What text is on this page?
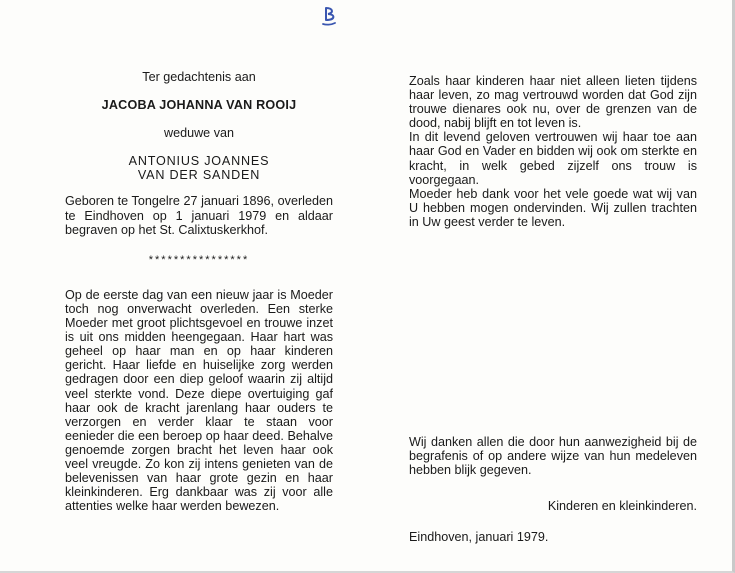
Ter gedachtenis aan
JACOBA JOHANNA VAN ROOIJ
weduwe van
ANTONIUS JOANNES
VAN DER SANDEN
Geboren te Tongelre 27 januari 1896, overleden te Eindhoven op 1 januari 1979 en aldaar begraven op het St. Calixtuskerkhof.
****************
Op de eerste dag van een nieuw jaar is Moeder toch nog onverwacht overleden. Een sterke Moeder met groot plichtsgevoel en trouwe inzet is uit ons midden heengegaan. Haar hart was geheel op haar man en op haar kinderen gericht. Haar liefde en huiselijke zorg werden gedragen door een diep geloof waarin zij altijd veel sterkte vond. Deze diepe overtuiging gaf haar ook de kracht jarenlang haar ouders te verzorgen en verder klaar te staan voor eenieder die een beroep op haar deed. Behalve genoemde zorgen bracht het leven haar ook veel vreugde. Zo kon zij intens genieten van de belevenissen van haar grote gezin en haar kleinkinderen. Erg dankbaar was zij voor alle attenties welke haar werden bewezen.
Zoals haar kinderen haar niet alleen lieten tijdens haar leven, zo mag vertrouwd worden dat God zijn trouwe dienares ook nu, over de grenzen van de dood, nabij blijft en tot leven is.
In dit levend geloven vertrouwen wij haar toe aan haar God en Vader en bidden wij ook om sterkte en kracht, in welk gebed zijzelf ons trouw is voorgegaan.
Moeder heb dank voor het vele goede wat wij van U hebben mogen ondervinden. Wij zullen trachten in Uw geest verder te leven.
Wij danken allen die door hun aanwezigheid bij de begrafenis of op andere wijze van hun medeleven hebben blijk gegeven.
Kinderen en kleinkinderen.
Eindhoven, januari 1979.
